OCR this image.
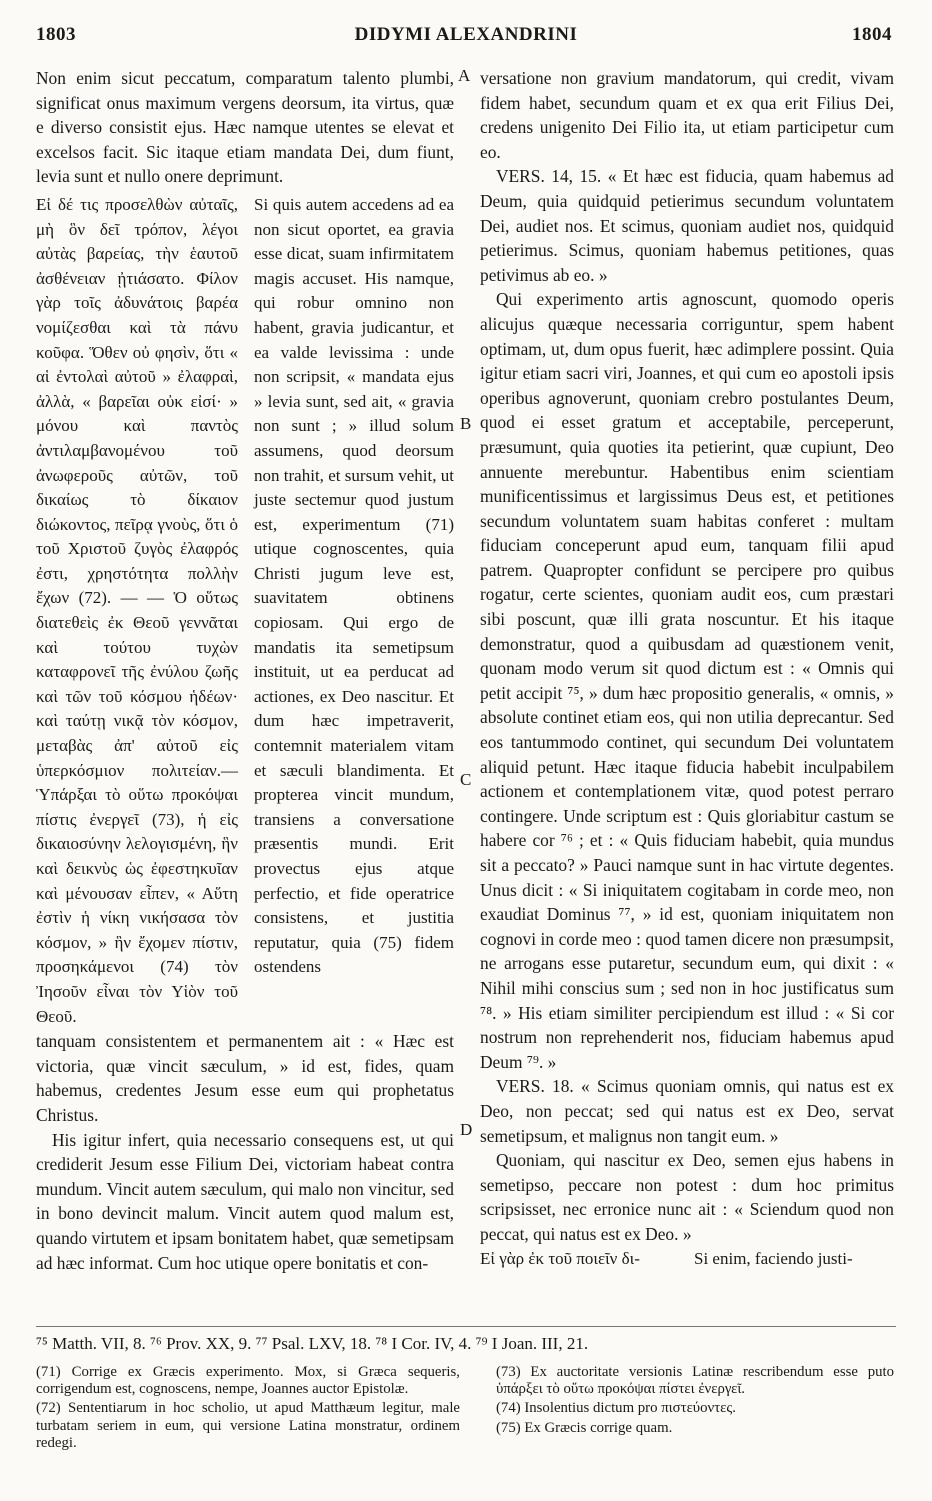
1803	DIDYMI ALEXANDRINI	1804
A
B
C
D

Non enim sicut peccatum, comparatum talento plumbi, significat onus maximum vergens deorsum, ita virtus, quæ e diverso consistit ejus. Hæc namque utentes se elevat et excelsos facit. Sic itaque etiam mandata Dei, dum fiunt, levia sunt et nullo onere deprimunt.

Εἰ δέ τις προσελθὼν αὐταῖς, μὴ ὃν δεῖ τρόπον, λέγοι αὐτὰς βαρείας, τὴν ἑαυτοῦ ἀσθένειαν ᾐτιάσατο. Φίλον γὰρ τοῖς ἀδυνάτοις βαρέα νομίζεσθαι καὶ τὰ πάνυ κοῦφα. Ὅθεν οὐ φησὶν, ὅτι « αἱ ἐντολαὶ αὐτοῦ » ἐλαφραὶ, ἀλλὰ, « βαρεῖαι οὐκ εἰσί· » μόνου καὶ παντὸς ἀντιλαμβανομένου τοῦ ἀνωφεροῦς αὐτῶν, τοῦ δικαίως τὸ δίκαιον διώκοντος, πεῖρᾳ γνοὺς, ὅτι ὁ τοῦ Χριστοῦ ζυγὸς ἐλαφρός ἐστι, χρηστότητα πολλὴν ἔχων (72). — — Ὁ οὕτως διατεθεὶς ἐκ Θεοῦ γεννᾶται καὶ τούτου τυχὼν καταφρονεῖ τῆς ἐνύλου ζωῆς καὶ τῶν τοῦ κόσμου ἡδέων· καὶ ταύτῃ νικᾷ τὸν κόσμον, μεταβὰς ἀπ' αὐτοῦ εἰς ὑπερκόσμιον πολιτείαν.—Ὑπάρξαι τὸ οὕτω προκόψαι πίστις ἐνεργεῖ (73), ἡ εἰς δικαιοσύνην λελογισμένη, ἣν καὶ δεικνὺς ὡς ἐφεστηκυῖαν καὶ μένουσαν εἶπεν, « Αὕτη ἐστὶν ἡ νίκη νικήσασα τὸν κόσμον, » ἣν ἔχομεν πίστιν, προσηκάμενοι (74) τὸν Ἰησοῦν εἶναι τὸν Υἱὸν τοῦ Θεοῦ.
Si quis autem accedens ad ea non sicut oportet, ea gravia esse dicat, suam infirmitatem magis accuset. His namque, qui robur omnino non habent, gravia judicantur, et ea valde levissima : unde non scripsit, « mandata ejus » levia sunt, sed ait, « gravia non sunt ; » illud solum assumens, quod deorsum non trahit, et sursum vehit, ut juste sectemur quod justum est, experimentum (71) utique cognoscentes, quia Christi jugum leve est, suavitatem obtinens copiosam. Qui ergo de mandatis ita semetipsum instituit, ut ea perducat ad actiones, ex Deo nascitur. Et dum hæc impetraverit, contemnit materialem vitam et sæculi blandimenta. Et propterea vincit mundum, transiens a conversatione præsentis mundi. Erit provectus ejus atque perfectio, et fide operatrice consistens, et justitia reputatur, quia (75) fidem ostendens

tanquam consistentem et permanentem ait : « Hæc est victoria, quæ vincit sæculum, » id est, fides, quam habemus, credentes Jesum esse eum qui prophetatus Christus.

His igitur infert, quia necessario consequens est, ut qui crediderit Jesum esse Filium Dei, victoriam habeat contra mundum. Vincit autem sæculum, qui malo non vincitur, sed in bono devincit malum. Vincit autem quod malum est, quando virtutem et ipsam bonitatem habet, quæ semetipsam ad hæc informat. Cum hoc utique opere bonitatis et con-

versatione non gravium mandatorum, qui credit, vivam fidem habet, secundum quam et ex qua erit Filius Dei, credens unigenito Dei Filio ita, ut etiam participetur cum eo.

VERS. 14, 15. « Et hæc est fiducia, quam habemus ad Deum, quia quidquid petierimus secundum voluntatem Dei, audiet nos. Et scimus, quoniam audiet nos, quidquid petierimus. Scimus, quoniam habemus petitiones, quas petivimus ab eo. »

Qui experimento artis agnoscunt, quomodo operis alicujus quæque necessaria corriguntur, spem habent optimam, ut, dum opus fuerit, hæc adimplere possint. Quia igitur etiam sacri viri, Joannes, et qui cum eo apostoli ipsis operibus agnoverunt, quoniam crebro postulantes Deum, quod ei esset gratum et acceptabile, perceperunt, præsumunt, quia quoties ita petierint, quæ cupiunt, Deo annuente merebuntur. Habentibus enim scientiam munificentissimus et largissimus Deus est, et petitiones secundum voluntatem suam habitas conferet : multam fiduciam conceperunt apud eum, tanquam filii apud patrem. Quapropter confidunt se percipere pro quibus rogatur, certe scientes, quoniam audit eos, cum præstari sibi poscunt, quæ illi grata noscuntur. Et his itaque demonstratur, quod a quibusdam ad quæstionem venit, quonam modo verum sit quod dictum est : « Omnis qui petit accipit ⁷⁵, » dum hæc propositio generalis, « omnis, » absolute continet etiam eos, qui non utilia deprecantur. Sed eos tantummodo continet, qui secundum Dei voluntatem aliquid petunt. Hæc itaque fiducia habebit inculpabilem actionem et contemplationem vitæ, quod potest perraro contingere. Unde scriptum est : Quis gloriabitur castum se habere cor ⁷⁶ ; et : « Quis fiduciam habebit, quia mundus sit a peccato? » Pauci namque sunt in hac virtute degentes. Unus dicit : « Si iniquitatem cogitabam in corde meo, non exaudiat Dominus ⁷⁷, » id est, quoniam iniquitatem non cognovi in corde meo : quod tamen dicere non præsumpsit, ne arrogans esse putaretur, secundum eum, qui dixit : « Nihil mihi conscius sum ; sed non in hoc justificatus sum ⁷⁸. » His etiam similiter percipiendum est illud : « Si cor nostrum non reprehenderit nos, fiduciam habemus apud Deum ⁷⁹. »

VERS. 18. « Scimus quoniam omnis, qui natus est ex Deo, non peccat; sed qui natus est ex Deo, servat semetipsum, et malignus non tangit eum. »

Quoniam, qui nascitur ex Deo, semen ejus habens in semetipso, peccare non potest : dum hoc primitus scripsisset, nec erronice nunc ait : « Sciendum quod non peccat, qui natus est ex Deo. »

Εἰ γὰρ ἐκ τοῦ ποιεῖν δι-	Si enim, faciendo justi-
⁷⁵ Matth. VII, 8. ⁷⁶ Prov. XX, 9. ⁷⁷ Psal. LXV, 18. ⁷⁸ I Cor. IV, 4. ⁷⁹ I Joan. III, 21.

(71) Corrige ex Græcis experimento. Mox, si Græca sequeris, corrigendum est, cognoscens, nempe, Joannes auctor Epistolæ.

(72) Sententiarum in hoc scholio, ut apud Matthæum legitur, male turbatam seriem in eum, qui versione Latina monstratur, ordinem redegi.

(73) Ex auctoritate versionis Latinæ rescribendum esse puto ὑπάρξει τὸ οὕτω προκόψαι πίστει ἐνεργεῖ.

(74) Insolentius dictum pro πιστεύοντες.

(75) Ex Græcis corrige quam.
